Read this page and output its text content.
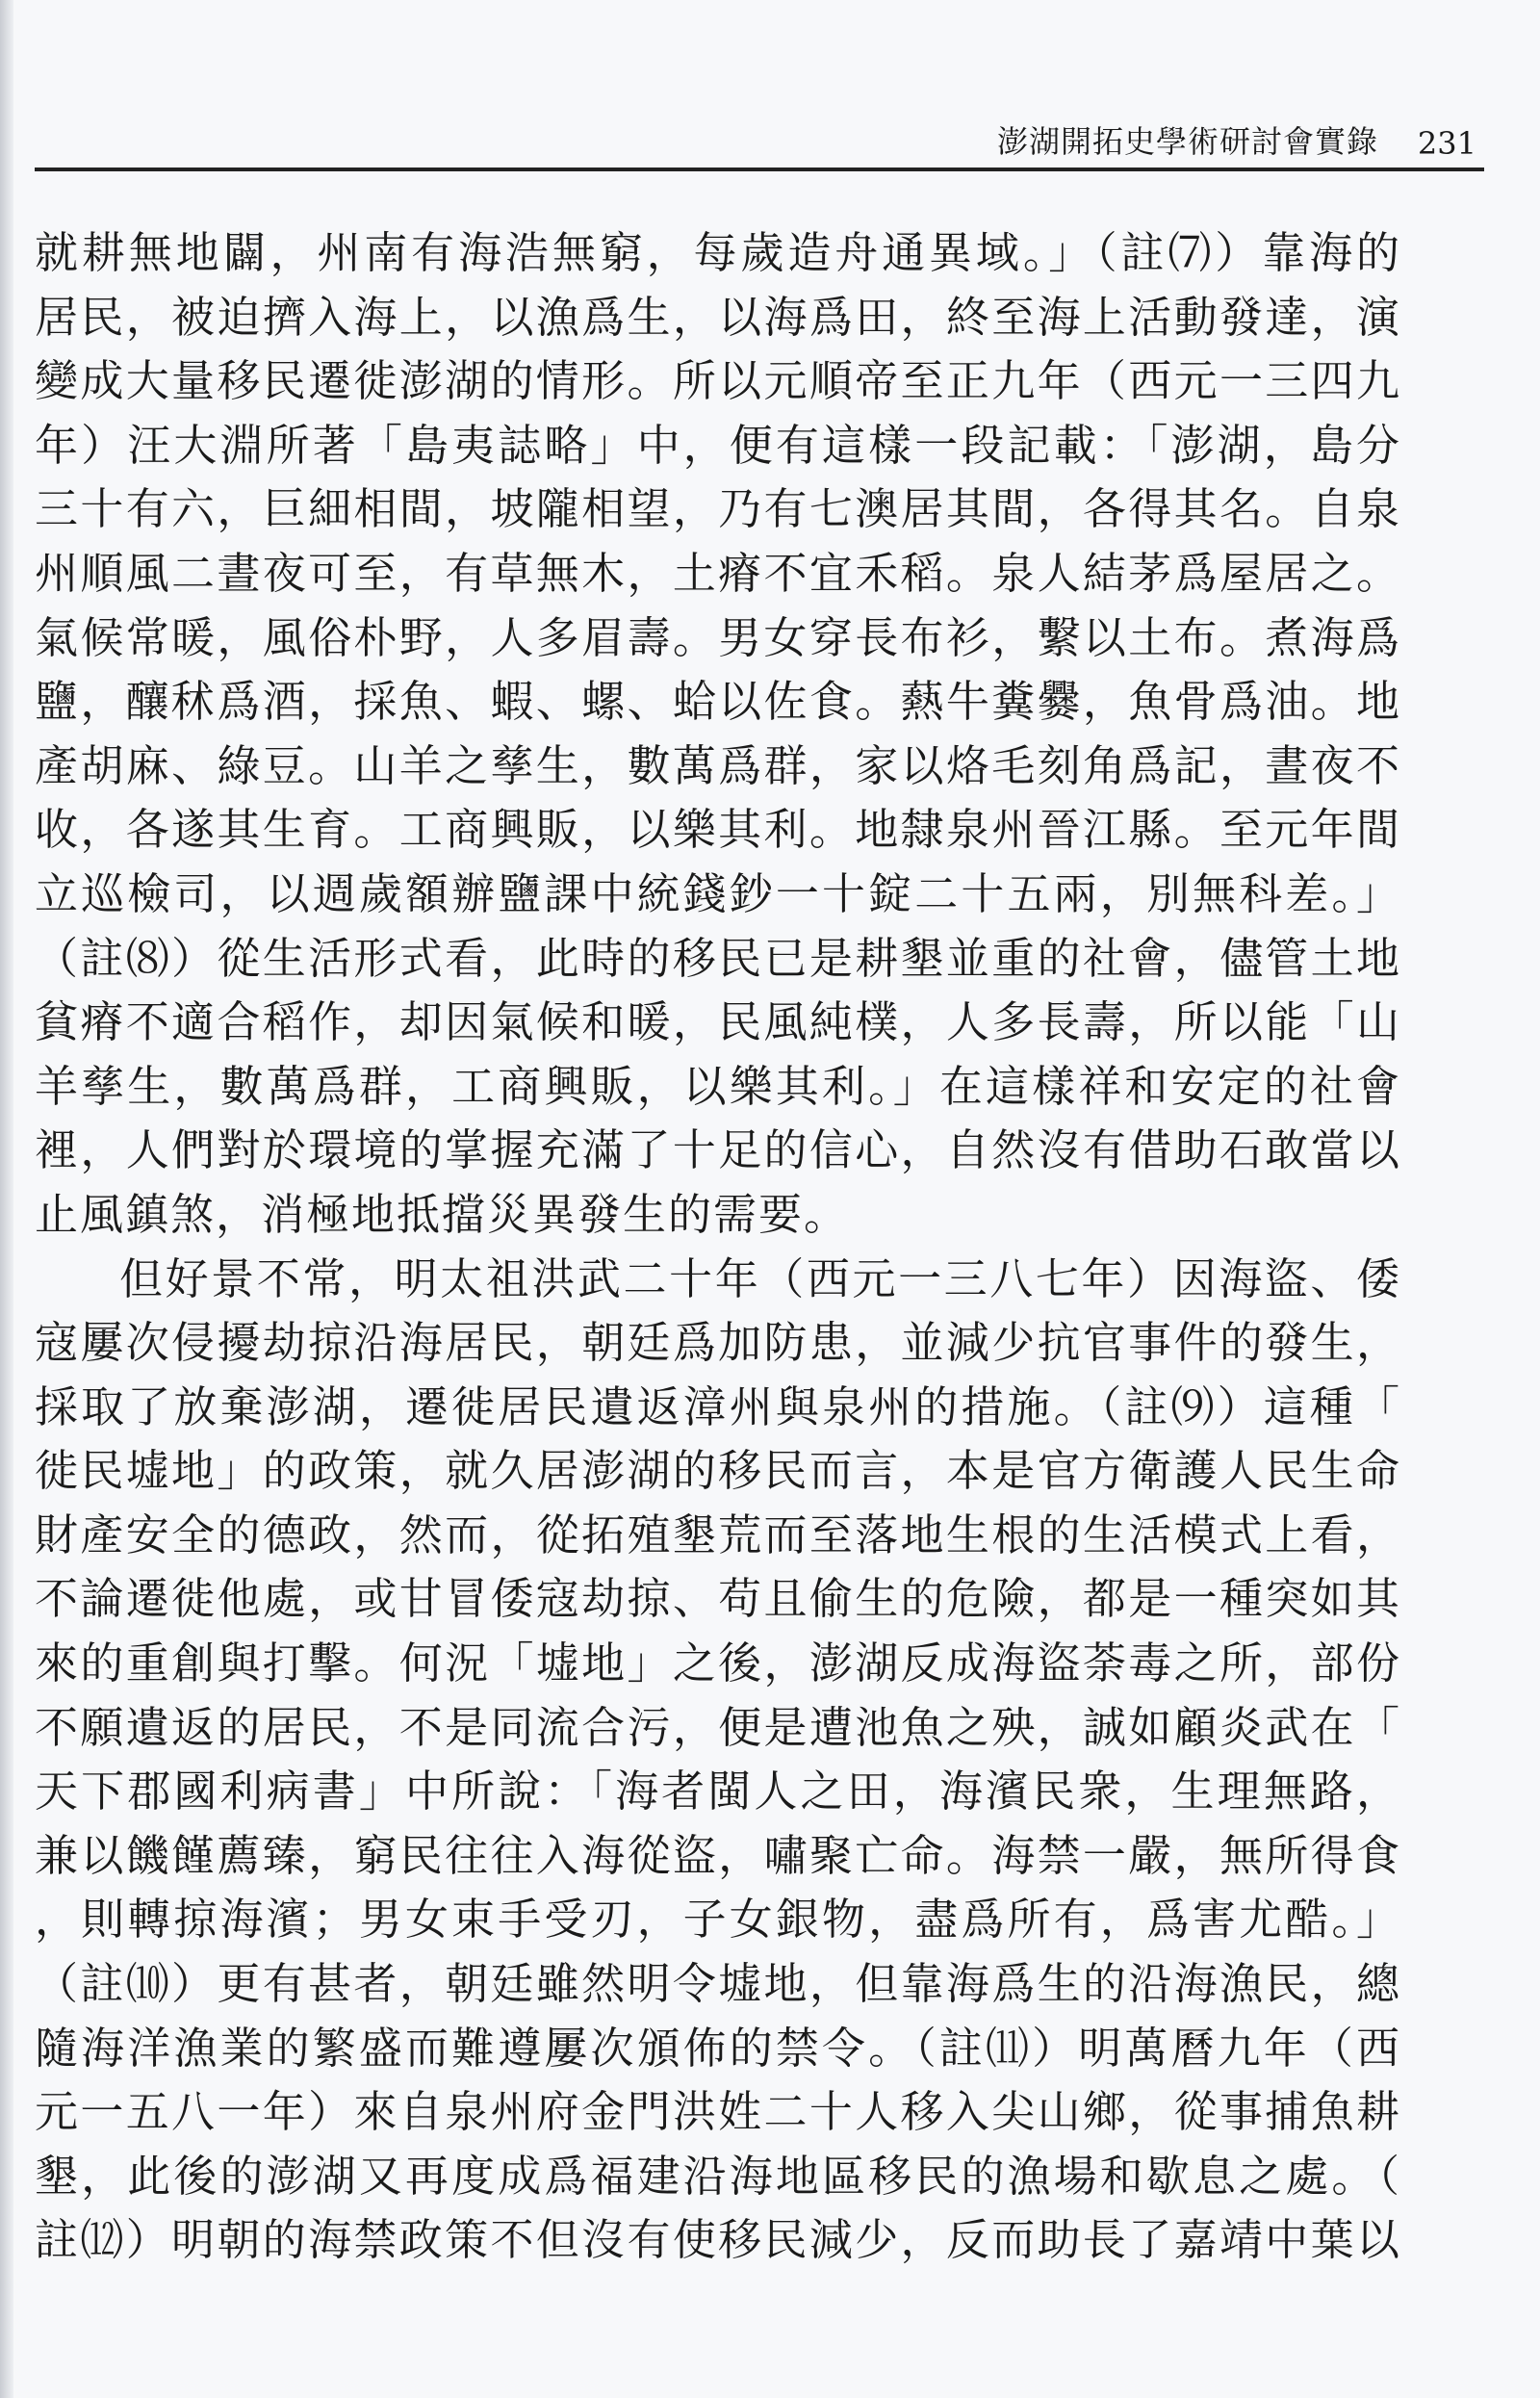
澎湖開拓史學術研討會實錄 231
就耕無地闢，州南有海浩無窮，每歲造舟通異域。」（註⑺）靠海的
居民，被迫擠入海上，以漁爲生，以海爲田，終至海上活動發達，演
變成大量移民遷徙澎湖的情形。所以元順帝至正九年（西元一三四九
年）汪大淵所著「島夷誌略」中，便有這樣一段記載：「澎湖，島分
三十有六，巨細相間，坡隴相望，乃有七澳居其間，各得其名。自泉
州順風二晝夜可至，有草無木，土瘠不宜禾稻。泉人結茅爲屋居之。
氣候常暖，風俗朴野，人多眉壽。男女穿長布衫，繫以土布。煮海爲
鹽，釀秫爲酒，採魚、蝦、螺、蛤以佐食。爇牛糞爨，魚骨爲油。地
產胡麻、綠豆。山羊之孳生，數萬爲群，家以烙毛刻角爲記，晝夜不
收，各遂其生育。工商興販，以樂其利。地隸泉州晉江縣。至元年間
立巡檢司，以週歲額辦鹽課中統錢鈔一十錠二十五兩，別無科差。」
（註⑻）從生活形式看，此時的移民已是耕墾並重的社會，儘管土地
貧瘠不適合稻作，却因氣候和暖，民風純樸，人多長壽，所以能「山
羊孳生，數萬爲群，工商興販，以樂其利。」在這樣祥和安定的社會
裡，人們對於環境的掌握充滿了十足的信心，自然沒有借助石敢當以
止風鎮煞，消極地抵擋災異發生的需要。
但好景不常，明太祖洪武二十年（西元一三八七年）因海盜、倭
寇屢次侵擾劫掠沿海居民，朝廷爲加防患，並減少抗官事件的發生，
採取了放棄澎湖，遷徙居民遺返漳州與泉州的措施。（註⑼）這種「
徙民墟地」的政策，就久居澎湖的移民而言，本是官方衛護人民生命
財產安全的德政，然而，從拓殖墾荒而至落地生根的生活模式上看，
不論遷徙他處，或甘冒倭寇劫掠、苟且偷生的危險，都是一種突如其
來的重創與打擊。何況「墟地」之後，澎湖反成海盜荼毒之所，部份
不願遺返的居民，不是同流合污，便是遭池魚之殃，誠如顧炎武在「
天下郡國利病書」中所說：「海者閩人之田，海濱民衆，生理無路，
兼以饑饉薦臻，窮民往往入海從盜，嘯聚亡命。海禁一嚴，無所得食
，則轉掠海濱；男女束手受刃，子女銀物，盡爲所有，爲害尤酷。」
（註⑽）更有甚者，朝廷雖然明令墟地，但靠海爲生的沿海漁民，總
隨海洋漁業的繁盛而難遵屢次頒佈的禁令。（註⑾）明萬曆九年（西
元一五八一年）來自泉州府金門洪姓二十人移入尖山鄉，從事捕魚耕
墾，此後的澎湖又再度成爲福建沿海地區移民的漁場和歇息之處。（
註⑿）明朝的海禁政策不但沒有使移民減少，反而助長了嘉靖中葉以
